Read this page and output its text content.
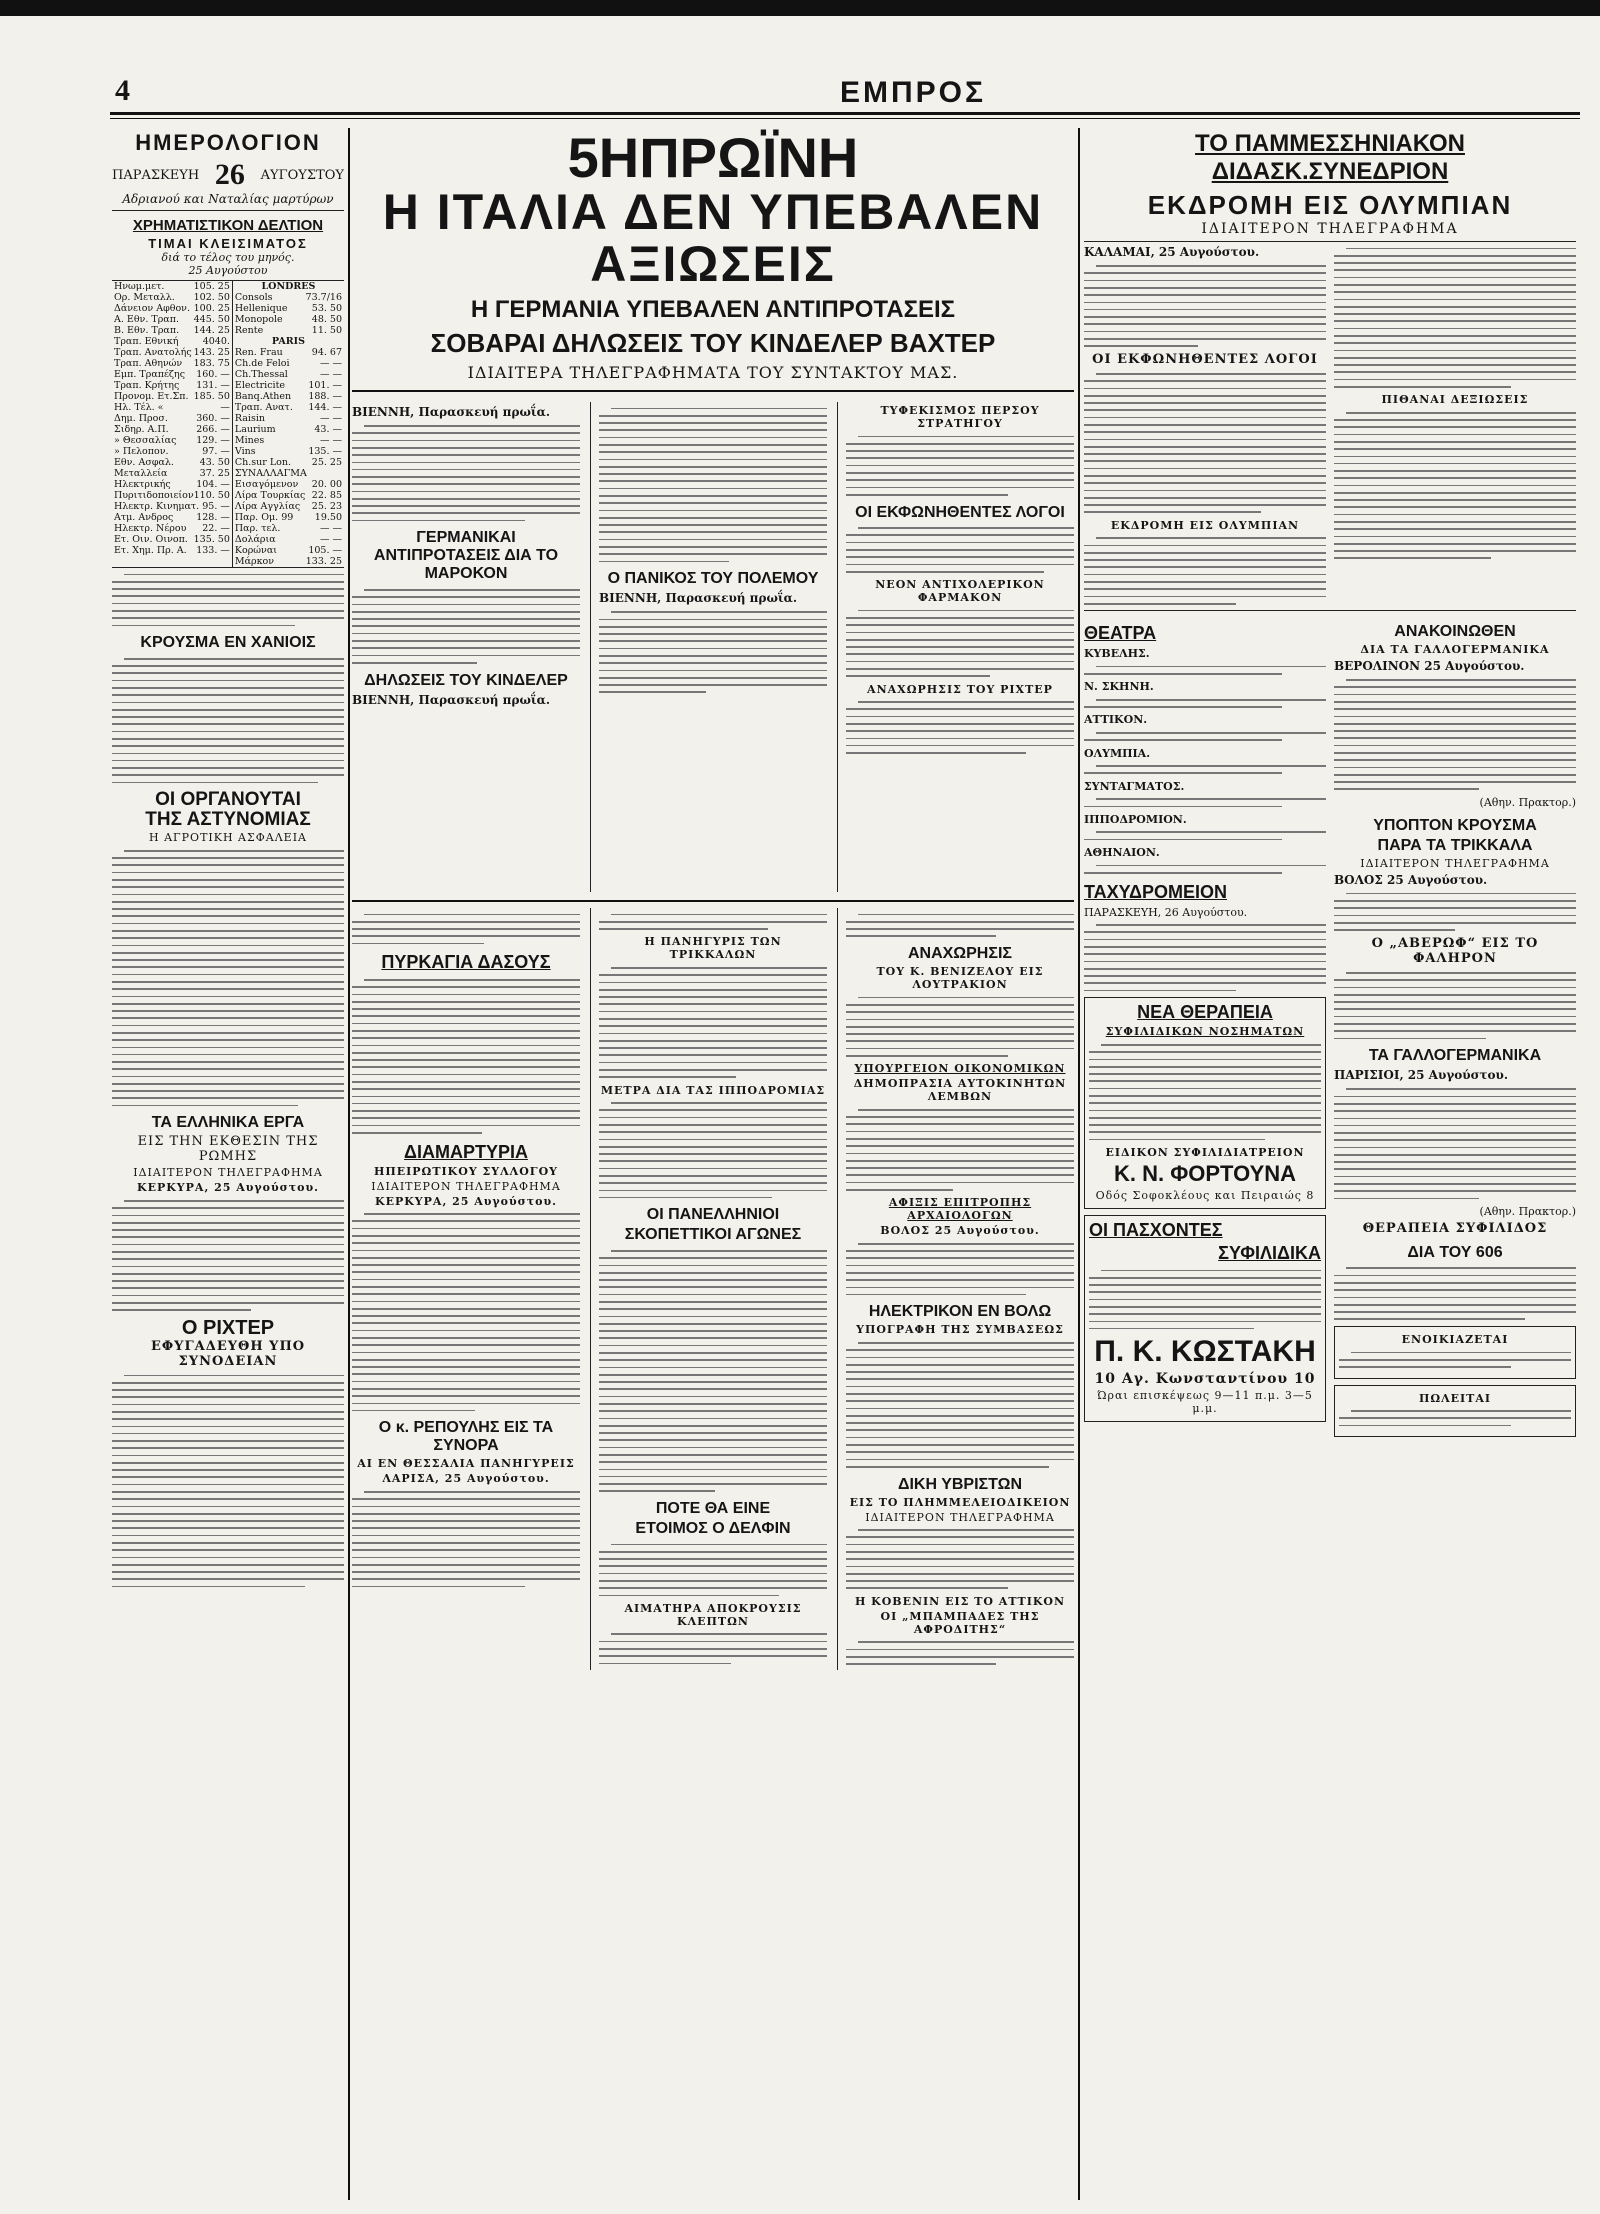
4	ΕΜΠΡΟΣ
ΗΜΕΡΟΛΟΓΙΟΝ
ΠΑΡΑΣΚΕΥΗ 26 ΑΥΓΟΥΣΤΟΥ
Αδριανού και Ναταλίας μαρτύρων
ΧΡΗΜΑΤΙΣΤΙΚΟΝ ΔΕΛΤΙΟΝ
ΤΙΜΑΙ ΚΛΕΙΣΙΜΑΤΟΣ
διά το τέλος του μηνός.
25 Αυγούστου
Ηνωμ.μετ.	105. 25
Ορ. Μεταλλ. 102. 50
Δάνειον Αφθον. 100. 25
Α. Εθν. Τραπ. 445. 50
Β. Εθν. Τραπ. 144. 25
Τραπ. Εθνική	4040.
Τραπ. Ανατολής 143. 25
Τραπ. Αθηνών 183. 75
Εμπ. Τραπέζης 160. —
Τραπ. Κρήτης 131. —
Προνομ. Ετ.Σπ. 185. 50
Ηλ. Τέλ. «	—
Δημ. Προσ.	360. —
Σιδηρ. Α.Π.	266. —
» Θεσσαλίας 129. —
» Πελοπον.	97. —
Εθν. Ασφαλ.	43. 50
Μεταλλεία	37. 25
Ηλεκτρικής	104. —
Πυριτιδοποιείον 110. 50
Ηλεκτρ. Κινηματ. 95. —
Ατμ. Ανδρος 128. —
Ηλεκτρ. Νέρου 22. —
Ετ. Οιν. Οινοπ. 135. 50
Ετ. Χημ. Πρ. Α. 133. —
LONDRES
Consols	73.7/16
Hellenique	53. 50
Monopole	48. 50
Rente	11. 50
PARIS
Ren. Frau	94. 67
Ch.de Feloi	— —
Ch.Thessal	— —
Electricite 101. —
Banq.Athen 188. —
Τραπ. Ανατ. 144. —
Raisin	— —
Laurium	43. —
Mines	— —
Vins	135. —
Ch.sur Lon. 25. 25
ΣΥΝΑΛΛΑΓΜΑ
Εισαγόμενον 20. 00
Λίρα Τουρκίας 22. 85
Λίρα Αγγλίας 25. 23
Παρ. Ομ. 99 19.50
Παρ. τελ.	— —
Δολάρια	— —
Κορώναι	105. —
Μάρκον	133. 25
ΚΡΟΥΣΜΑ ΕΝ ΧΑΝΙΟΙΣ
ΟΙ ΟΡΓΑΝΟΥΤΑΙ
ΤΗΣ ΑΣΤΥΝΟΜΙΑΣ
Η ΑΓΡΟΤΙΚΗ ΑΣΦΑΛΕΙΑ
ΤΑ ΕΛΛΗΝΙΚΑ ΕΡΓΑ
ΕΙΣ ΤΗΝ ΕΚΘΕΣΙΝ ΤΗΣ ΡΩΜΗΣ
ΙΔΙΑΙΤΕΡΟΝ ΤΗΛΕΓΡΑΦΗΜΑ
ΚΕΡΚΥΡΑ, 25 Αυγούστου.
Ο ΡΙΧΤΕΡ
ΕΦΥΓΑΔΕΥΘΗ ΥΠΟ ΣΥΝΟΔΕΙΑΝ
5ΗΠΡΩΪΝΗ
Η ΙΤΑΛΙΑ ΔΕΝ ΥΠΕΒΑΛΕΝ ΑΞΙΩΣΕΙΣ
Η ΓΕΡΜΑΝΙΑ ΥΠΕΒΑΛΕΝ ΑΝΤΙΠΡΟΤΑΣΕΙΣ
ΣΟΒΑΡΑΙ ΔΗΛΩΣΕΙΣ ΤΟΥ ΚΙΝΔΕΛΕΡ ΒΑΧΤΕΡ
ΙΔΙΑΙΤΕΡΑ ΤΗΛΕΓΡΑΦΗΜΑΤΑ ΤΟΥ ΣΥΝΤΑΚΤΟΥ ΜΑΣ.
ΒΙΕΝΝΗ, Παρασκευή πρωΐα.
ΓΕΡΜΑΝΙΚΑΙ ΑΝΤΙΠΡΟΤΑΣΕΙΣ ΔΙΑ ΤΟ ΜΑΡΟΚΟΝ
ΔΗΛΩΣΕΙΣ ΤΟΥ ΚΙΝΔΕΛΕΡ
ΒΙΕΝΝΗ, Παρασκευή πρωΐα.
Ο ΠΑΝΙΚΟΣ ΤΟΥ ΠΟΛΕΜΟΥ
ΒΙΕΝΝΗ, Παρασκευή πρωΐα.
ΤΥΦΕΚΙΣΜΟΣ ΠΕΡΣΟΥ ΣΤΡΑΤΗΓΟΥ
ΟΙ ΕΚΦΩΝΗΘΕΝΤΕΣ ΛΟΓΟΙ
ΝΕΟΝ ΑΝΤΙΧΟΛΕΡΙΚΟΝ ΦΑΡΜΑΚΟΝ
ΑΝΑΧΩΡΗΣΙΣ ΤΟΥ ΡΙΧΤΕΡ
ΠΥΡΚΑΓΙΑ ΔΑΣΟΥΣ
ΔΙΑΜΑΡΤΥΡΙΑ
ΗΠΕΙΡΩΤΙΚΟΥ ΣΥΛΛΟΓΟΥ
ΙΔΙΑΙΤΕΡΟΝ ΤΗΛΕΓΡΑΦΗΜΑ
ΚΕΡΚΥΡΑ, 25 Αυγούστου.
Ο κ. ΡΕΠΟΥΛΗΣ ΕΙΣ ΤΑ ΣΥΝΟΡΑ
ΑΙ ΕΝ ΘΕΣΣΑΛΙΑ ΠΑΝΗΓΥΡΕΙΣ
ΛΑΡΙΣΑ, 25 Αυγούστου.
Η ΠΑΝΗΓΥΡΙΣ ΤΩΝ ΤΡΙΚΚΑΛΩΝ
ΜΕΤΡΑ ΔΙΑ ΤΑΣ ΙΠΠΟΔΡΟΜΙΑΣ
ΟΙ ΠΑΝΕΛΛΗΝΙΟΙ
ΣΚΟΠΕΤΤΙΚΟΙ ΑΓΩΝΕΣ
ΠΟΤΕ ΘΑ ΕΙΝΕ
ΕΤΟΙΜΟΣ Ο ΔΕΛΦΙΝ
ΑΙΜΑΤΗΡΑ ΑΠΟΚΡΟΥΣΙΣ ΚΛΕΠΤΩΝ
ΑΝΑΧΩΡΗΣΙΣ
ΤΟΥ Κ. ΒΕΝΙΖΕΛΟΥ ΕΙΣ ΛΟΥΤΡΑΚΙΟΝ
ΥΠΟΥΡΓΕΙΟΝ ΟΙΚΟΝΟΜΙΚΩΝ
ΔΗΜΟΠΡΑΣΙΑ ΑΥΤΟΚΙΝΗΤΩΝ ΛΕΜΒΩΝ
ΑΦΙΞΙΣ ΕΠΙΤΡΟΠΗΣ ΑΡΧΑΙΟΛΟΓΩΝ
ΒΟΛΟΣ 25 Αυγούστου.
ΗΛΕΚΤΡΙΚΟΝ ΕΝ ΒΟΛΩ
ΥΠΟΓΡΑΦΗ ΤΗΣ ΣΥΜΒΑΣΕΩΣ
ΔΙΚΗ ΥΒΡΙΣΤΩΝ
ΕΙΣ ΤΟ ΠΛΗΜΜΕΛΕΙΟΔΙΚΕΙΟΝ
ΙΔΙΑΙΤΕΡΟΝ ΤΗΛΕΓΡΑΦΗΜΑ
Η ΚΟΒΕΝΙΝ ΕΙΣ ΤΟ ΑΤΤΙΚΟΝ
ΟΙ „ΜΠΑΜΠΑΔΕΣ ΤΗΣ ΑΦΡΟΔΙΤΗΣ“
ΤΟ ΠΑΜΜΕΣΣΗΝΙΑΚΟΝ ΔΙΔΑΣΚ.ΣΥΝΕΔΡΙΟΝ
ΕΚΔΡΟΜΗ ΕΙΣ ΟΛΥΜΠΙΑΝ
ΙΔΙΑΙΤΕΡΟΝ ΤΗΛΕΓΡΑΦΗΜΑ
ΚΑΛΑΜΑΙ, 25 Αυγούστου.
ΟΙ ΕΚΦΩΝΗΘΕΝΤΕΣ ΛΟΓΟΙ
ΕΚΔΡΟΜΗ ΕΙΣ ΟΛΥΜΠΙΑΝ
ΠΙΘΑΝΑΙ ΔΕΞΙΩΣΕΙΣ
ΘΕΑΤΡΑ
ΚΥΒΕΛΗΣ.
Ν. ΣΚΗΝΗ.
ΑΤΤΙΚΟΝ.
ΟΛΥΜΠΙΑ.
ΣΥΝΤΑΓΜΑΤΟΣ.
ΙΠΠΟΔΡΟΜΙΟΝ.
ΑΘΗΝΑΙΟΝ.
ΤΑΧΥΔΡΟΜΕΙΟΝ
ΠΑΡΑΣΚΕΥΗ, 26 Αυγούστου.
ΝΕΑ ΘΕΡΑΠΕΙΑ
ΣΥΦΙΛΙΔΙΚΩΝ ΝΟΣΗΜΑΤΩΝ
ΕΙΔΙΚΟΝ ΣΥΦΙΛΙΔΙΑΤΡΕΙΟΝ
Κ. Ν. ΦΟΡΤΟΥΝΑ
Οδός Σοφοκλέους και Πειραιώς 8
ΟΙ ΠΑΣΧΟΝΤΕΣ
ΣΥΦΙΛΙΔΙΚΑ
Π. Κ. ΚΩΣΤΑΚΗ
10 Αγ. Κωνσταντίνου 10
Ώραι επισκέψεως 9—11 π.μ. 3—5 μ.μ.
ΑΝΑΚΟΙΝΩΘΕΝ
ΔΙΑ ΤΑ ΓΑΛΛΟΓΕΡΜΑΝΙΚΑ
ΒΕΡΟΛΙΝΟΝ 25 Αυγούστου.
(Αθην. Πρακτορ.)
ΥΠΟΠΤΟΝ ΚΡΟΥΣΜΑ
ΠΑΡΑ ΤΑ ΤΡΙΚΚΑΛΑ
ΙΔΙΑΙΤΕΡΟΝ ΤΗΛΕΓΡΑΦΗΜΑ
ΒΟΛΟΣ 25 Αυγούστου.
Ο „ΑΒΕΡΩΦ“ ΕΙΣ ΤΟ ΦΑΛΗΡΟΝ
ΤΑ ΓΑΛΛΟΓΕΡΜΑΝΙΚΑ
ΠΑΡΙΣΙΟΙ, 25 Αυγούστου.
(Αθην. Πρακτορ.)
ΘΕΡΑΠΕΙΑ ΣΥΦΙΛΙΔΟΣ
ΔΙΑ ΤΟΥ 606
ΕΝΟΙΚΙΑΖΕΤΑΙ
ΠΩΛΕΙΤΑΙ
